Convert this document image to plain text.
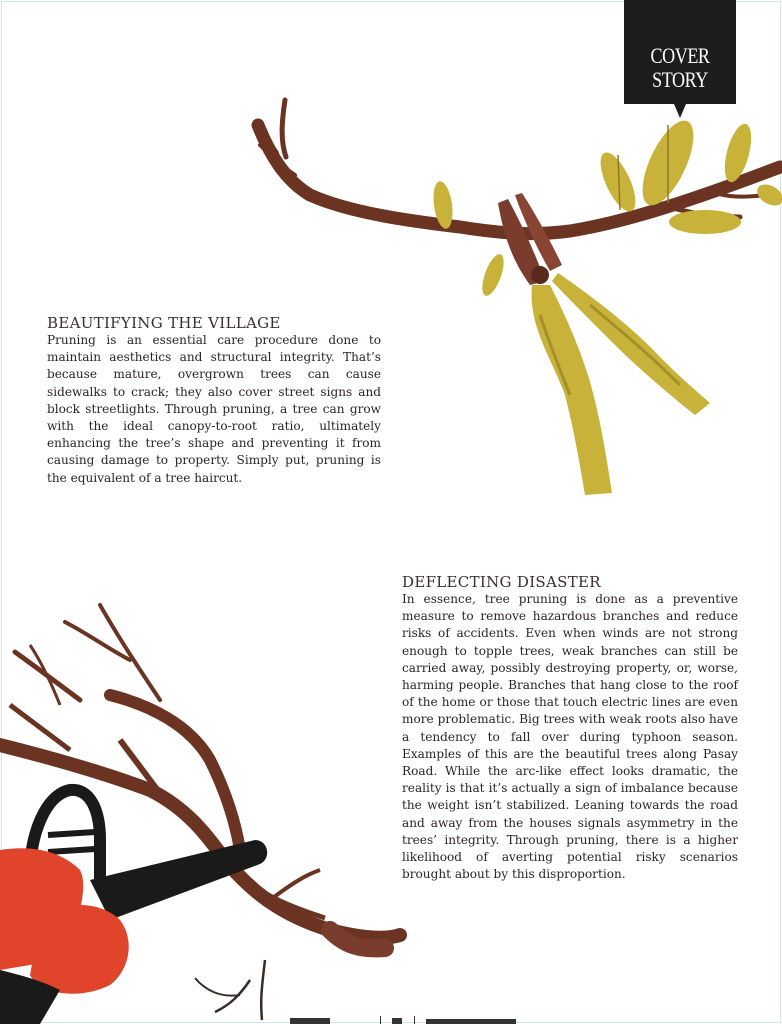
COVER
STORY
BEAUTIFYING THE VILLAGE

Pruning is an essential care procedure done to maintain aesthetics and structural integrity. That’s because mature, overgrown trees can cause sidewalks to crack; they also cover street signs and block streetlights. Through pruning, a tree can grow with the ideal canopy-to-root ratio, ultimately enhancing the tree’s shape and preventing it from causing damage to property. Simply put, pruning is the equivalent of a tree haircut.

DEFLECTING DISASTER

In essence, tree pruning is done as a preventive measure to remove hazardous branches and reduce risks of accidents. Even when winds are not strong enough to topple trees, weak branches can still be carried away, possibly destroying property, or, worse, harming people. Branches that hang close to the roof of the home or those that touch electric lines are even more problematic. Big trees with weak roots also have a tendency to fall over during typhoon season. Examples of this are the beautiful trees along Pasay Road. While the arc-like effect looks dramatic, the reality is that it’s actually a sign of imbalance because the weight isn’t stabilized. Leaning towards the road and away from the houses signals asymmetry in the trees’ integrity. Through pruning, there is a higher likelihood of averting potential risky scenarios brought about by this disproportion.
